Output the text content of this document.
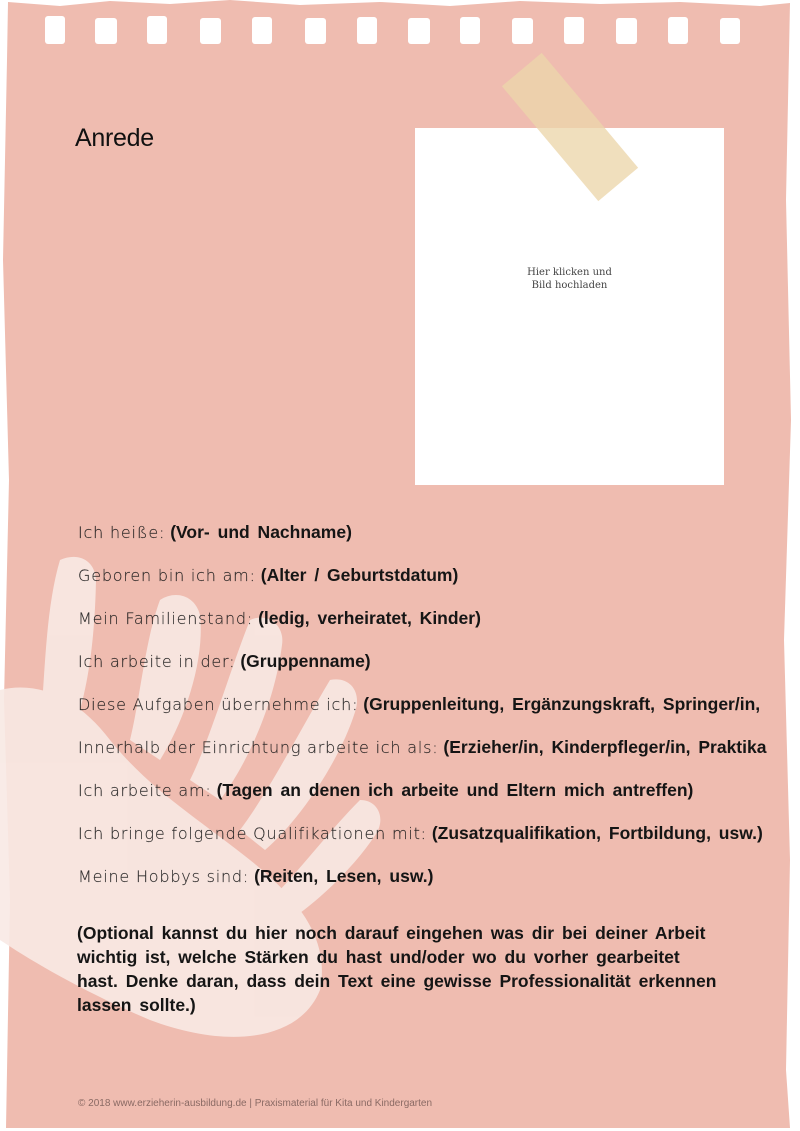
Hier klicken und
Bild hochladen
Anrede
Ich heiße: (Vor- und Nachname)
Geboren bin ich am: (Alter / Geburtstdatum)
Mein Familienstand: (ledig, verheiratet, Kinder)
Ich arbeite in der: (Gruppenname)
Diese Aufgaben übernehme ich: (Gruppenleitung, Ergänzungskraft, Springer/in,
Innerhalb der Einrichtung arbeite ich als: (Erzieher/in, Kinderpfleger/in, Praktika
Ich arbeite am: (Tagen an denen ich arbeite und Eltern mich antreffen)
Ich bringe folgende Qualifikationen mit: (Zusatzqualifikation, Fortbildung, usw.)
Meine Hobbys sind: (Reiten, Lesen, usw.)
(Optional kannst du hier noch darauf eingehen was dir bei deiner Arbeit
wichtig ist, welche Stärken du hast und/oder wo du vorher gearbeitet
hast. Denke daran, dass dein Text eine gewisse Professionalität erkennen
lassen sollte.)
© 2018 www.erzieherin-ausbildung.de | Praxismaterial für Kita und Kindergarten
